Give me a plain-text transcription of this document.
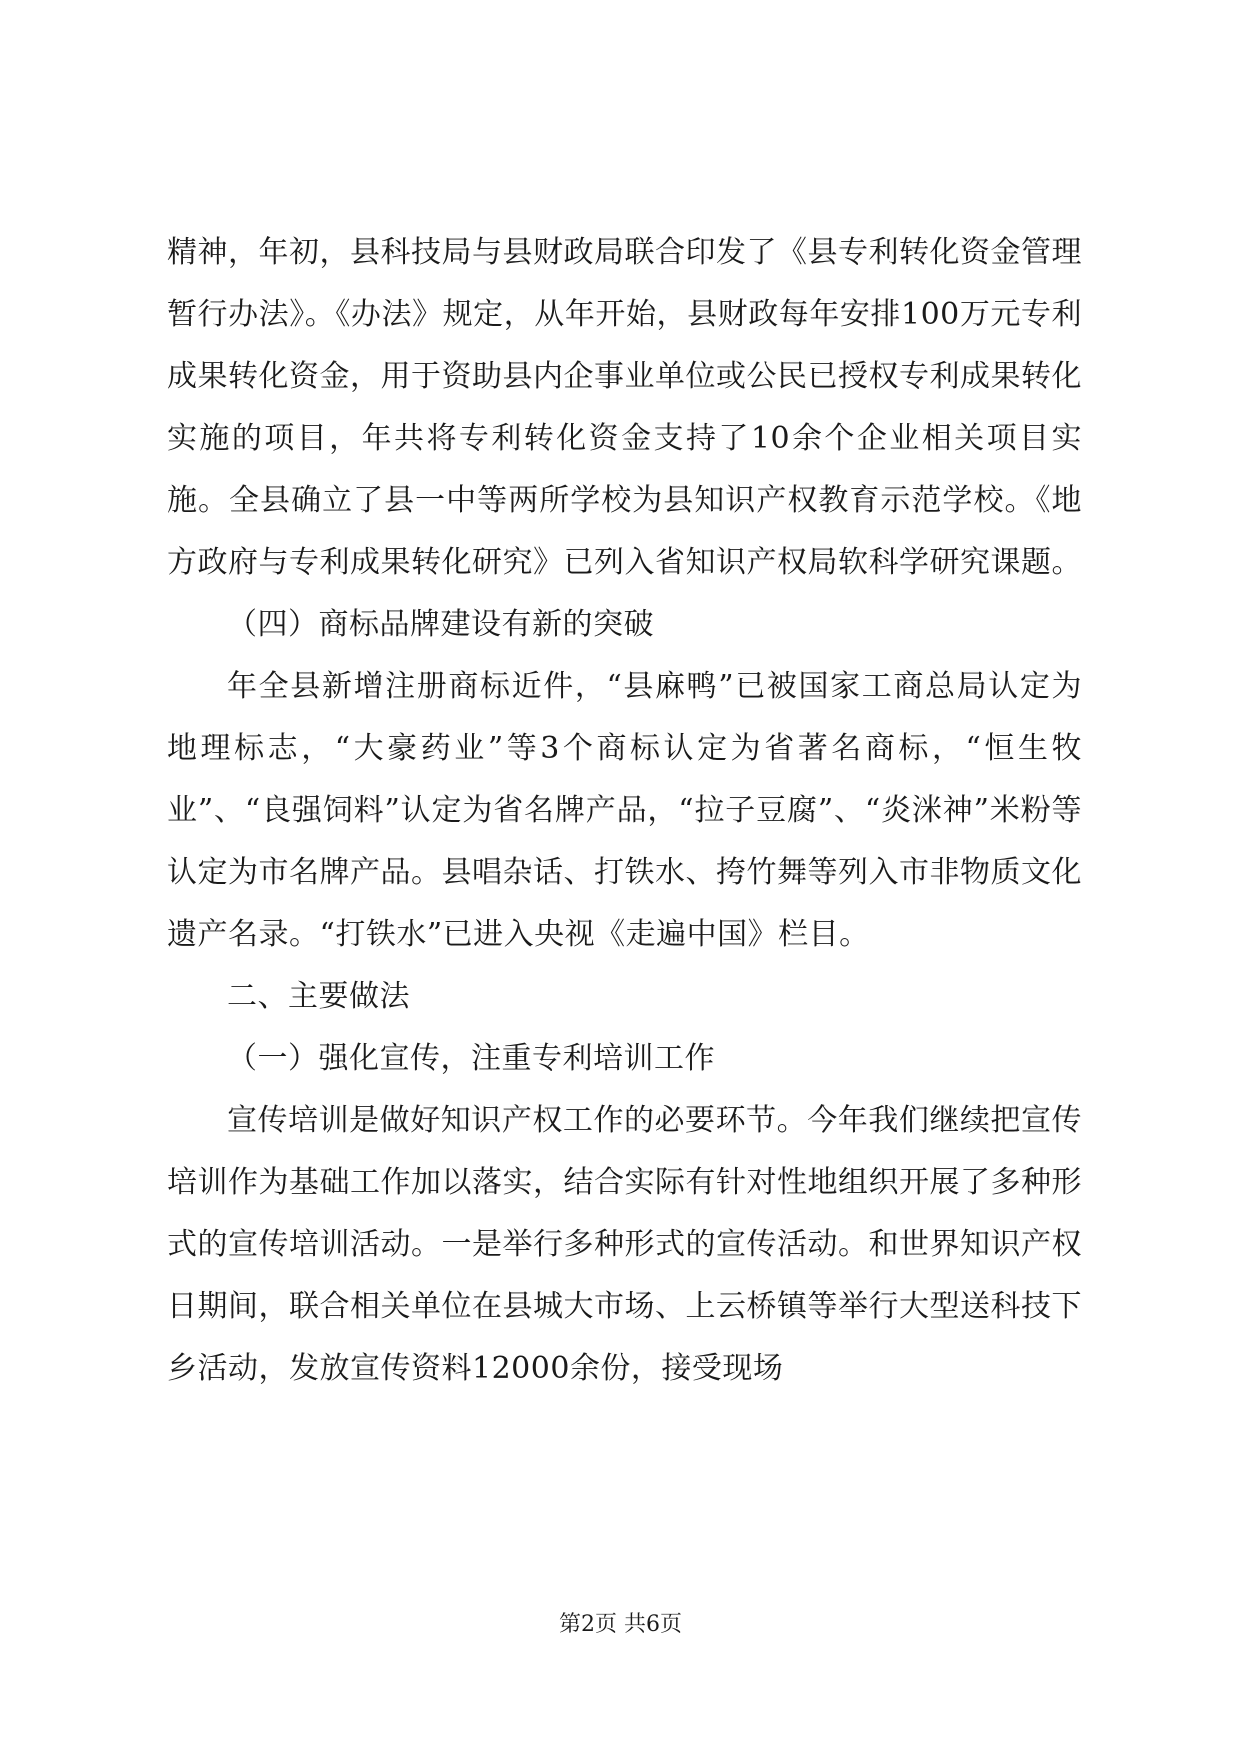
精神，年初，县科技局与县财政局联合印发了《县专利转化资金管理暂行办法》。《办法》规定，从年开始，县财政每年安排100万元专利成果转化资金，用于资助县内企事业单位或公民已授权专利成果转化实施的项目，年共将专利转化资金支持了10余个企业相关项目实施。全县确立了县一中等两所学校为县知识产权教育示范学校。《地方政府与专利成果转化研究》已列入省知识产权局软科学研究课题。

（四）商标品牌建设有新的突破

年全县新增注册商标近件，“县麻鸭”已被国家工商总局认定为地理标志，“大豪药业”等3个商标认定为省著名商标，“恒生牧业”、“良强饲料”认定为省名牌产品，“拉子豆腐”、“炎洣神”米粉等认定为市名牌产品。县唱杂话、打铁水、挎竹舞等列入市非物质文化遗产名录。“打铁水”已进入央视《走遍中国》栏目。

二、主要做法

（一）强化宣传，注重专利培训工作

宣传培训是做好知识产权工作的必要环节。今年我们继续把宣传培训作为基础工作加以落实，结合实际有针对性地组织开展了多种形式的宣传培训活动。一是举行多种形式的宣传活动。和世界知识产权日期间，联合相关单位在县城大市场、上云桥镇等举行大型送科技下乡活动，发放宣传资料12000余份，接受现场

第2页 共6页
